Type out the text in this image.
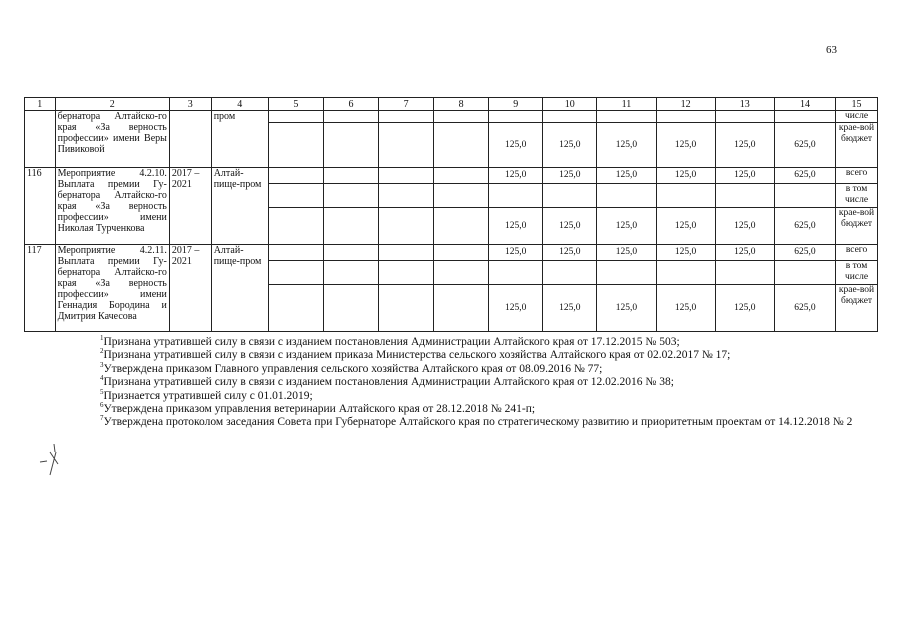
63
1	2	3	4	5	6	7	8	9	10	11	12	13	14	15
	бернатора Алтайско-го края «За верность профессии» имени Веры Пивиковой		пром											числе
								125,0	125,0	125,0	125,0	125,0	625,0	крае-вой бюджет
116	Мероприятие 4.2.10. Выплата премии Гу-бернатора Алтайско-го края «За верность профессии» имени Николая Турченкова	2017 – 2021	Алтай-пище-пром					125,0	125,0	125,0	125,0	125,0	625,0	всего
														в том числе
								125,0	125,0	125,0	125,0	125,0	625,0	крае-вой бюджет
117	Мероприятие 4.2.11. Выплата премии Гу-бернатора Алтайско-го края «За верность профессии» имени Геннадия Бородина и Дмитрия Качесова	2017 – 2021	Алтай-пище-пром					125,0	125,0	125,0	125,0	125,0	625,0	всего
														в том числе
								125,0	125,0	125,0	125,0	125,0	625,0	крае-вой бюджет
$^1$Признана утратившей силу в связи с изданием постановления Администрации Алтайского края от 17.12.2015 № 503;
$^2$Признана утратившей силу в связи с изданием приказа Министерства сельского хозяйства Алтайского края от 02.02.2017 № 17;
$^3$Утверждена приказом Главного управления сельского хозяйства Алтайского края от 08.09.2016 № 77;
$^4$Признана утратившей силу в связи с изданием постановления Администрации Алтайского края от 12.02.2016 № 38;
$^5$Признается утратившей силу с 01.01.2019;
$^6$Утверждена приказом управления ветеринарии Алтайского края от 28.12.2018 № 241-п;
$^7$Утверждена протоколом заседания Совета при Губернаторе Алтайского края по стратегическому развитию и приоритетным проектам от 14.12.2018 № 2
